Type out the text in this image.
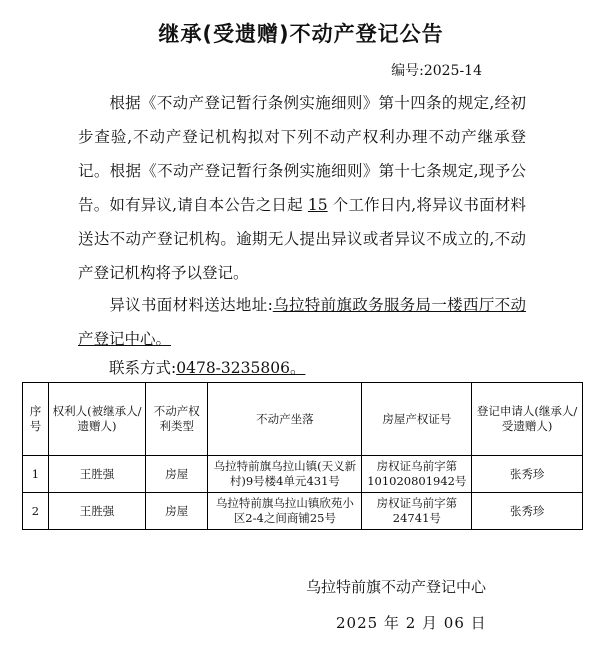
继承(受遗赠)不动产登记公告
编号:2025-14
根据《不动产登记暂行条例实施细则》第十四条的规定,经初步查验,不动产登记机构拟对下列不动产权利办理不动产继承登记。根据《不动产登记暂行条例实施细则》第十七条规定,现予公告。如有异议,请自本公告之日起 15 个工作日内,将异议书面材料送达不动产登记机构。逾期无人提出异议或者异议不成立的,不动产登记机构将予以登记。
异议书面材料送达地址:乌拉特前旗政务服务局一楼西厅不动产登记中心。
联系方式:0478-3235806。
序号	权利人(被继承人/遗赠人)	不动产权利类型	不动产坐落	房屋产权证号	登记申请人(继承人/受遗赠人)
1	王胜强	房屋	乌拉特前旗乌拉山镇(天义新村)9号楼4单元431号	房权证乌前字第101020801942号	张秀珍
2	王胜强	房屋	乌拉特前旗乌拉山镇欣苑小区2-4之间商铺25号	房权证乌前字第24741号	张秀珍
乌拉特前旗不动产登记中心
2025 年 2 月 06 日
